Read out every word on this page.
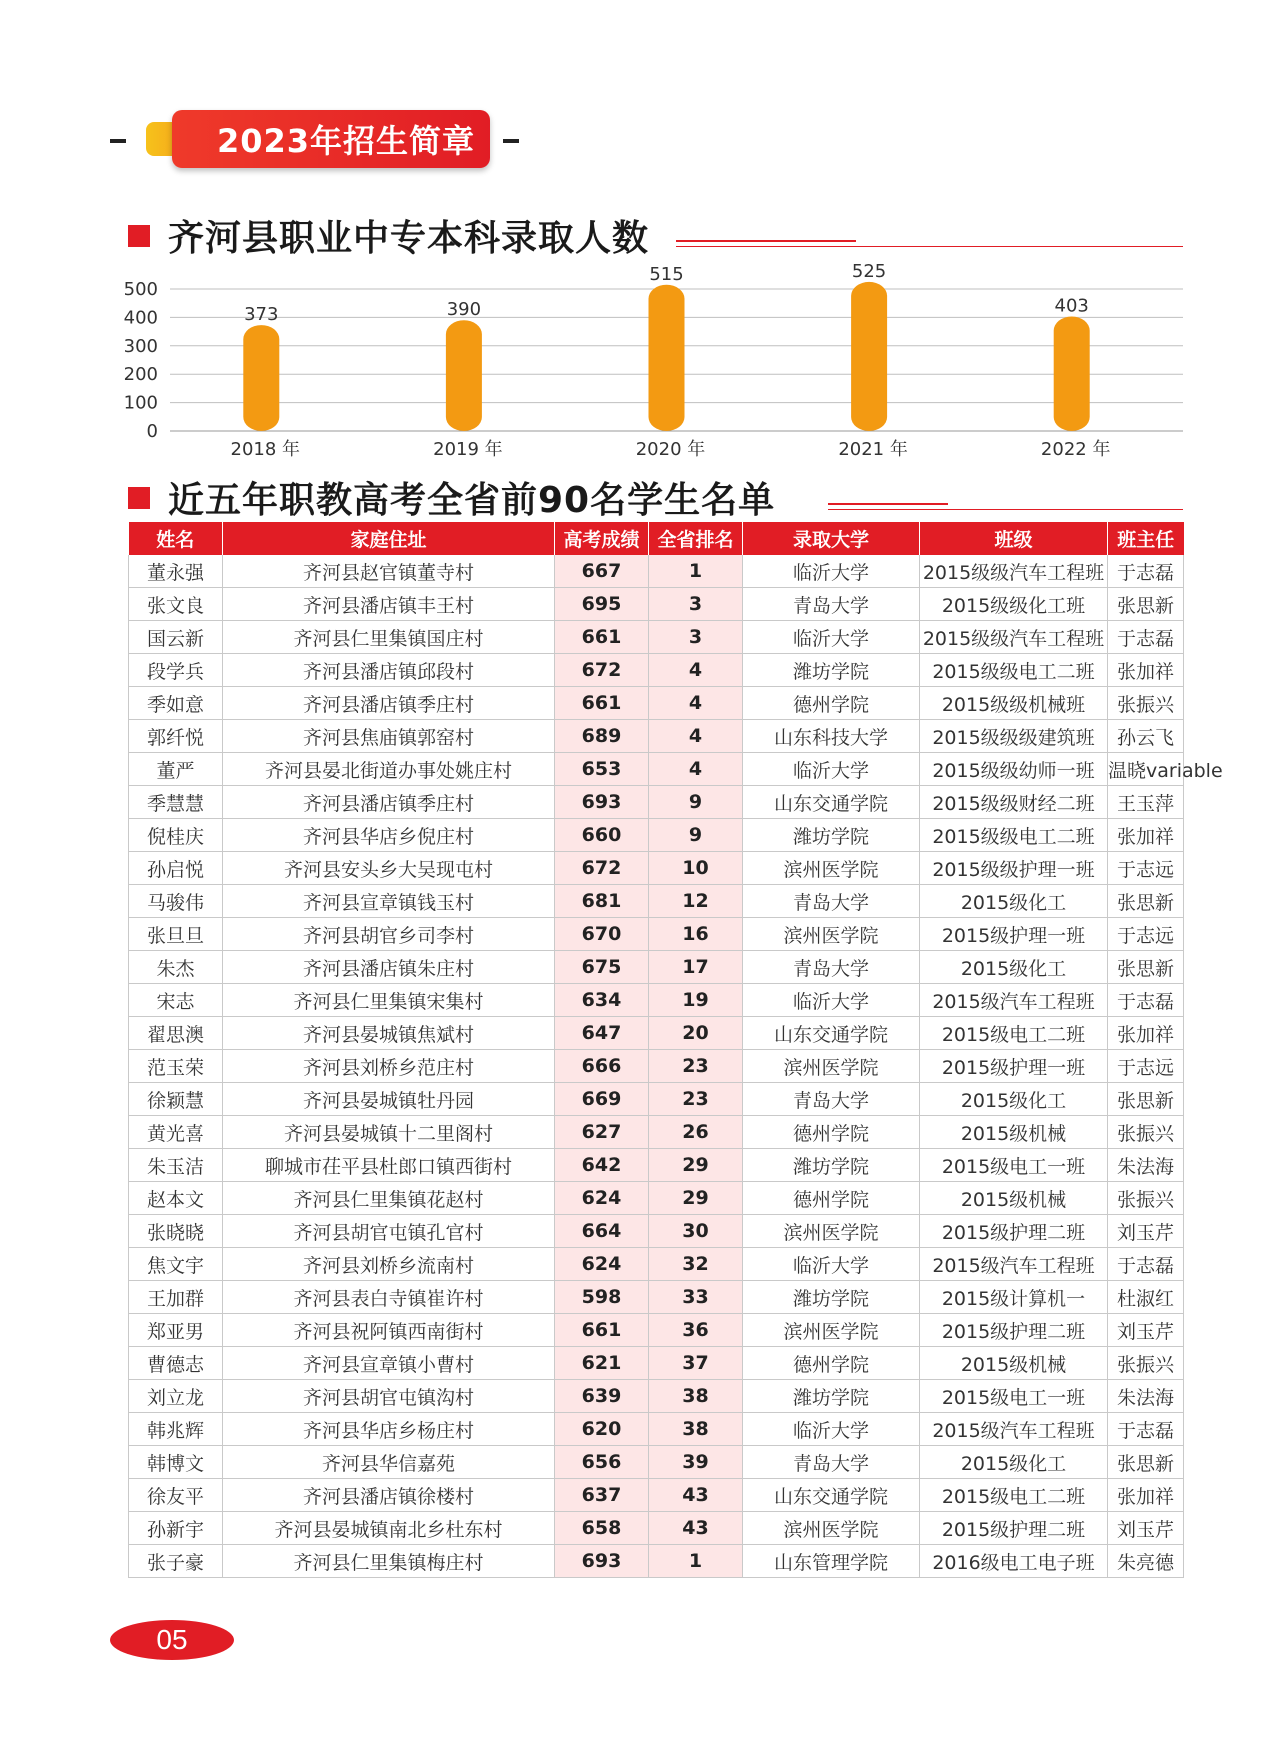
2023年招生简章
齐河县职业中专本科录取人数
0
100
200
300
400
500
373
2018 年
390
2019 年
515
2020 年
525
2021 年
403
2022 年
近五年职教高考全省前90名学生名单
姓名	家庭住址	高考成绩	全省排名	录取大学	班级	班主任
董永强	齐河县赵官镇董寺村	667	1	临沂大学	2015级级汽车工程班	于志磊
张文良	齐河县潘店镇丰王村	695	3	青岛大学	2015级级化工班	张思新
国云新	齐河县仁里集镇国庄村	661	3	临沂大学	2015级级汽车工程班	于志磊
段学兵	齐河县潘店镇邱段村	672	4	潍坊学院	2015级级电工二班	张加祥
季如意	齐河县潘店镇季庄村	661	4	德州学院	2015级级机械班	张振兴
郭纤悦	齐河县焦庙镇郭窑村	689	4	山东科技大学	2015级级级建筑班	孙云飞
董严	齐河县晏北街道办事处姚庄村	653	4	临沂大学	2015级级幼师一班	温晓variable
季慧慧	齐河县潘店镇季庄村	693	9	山东交通学院	2015级级财经二班	王玉萍
倪桂庆	齐河县华店乡倪庄村	660	9	潍坊学院	2015级级电工二班	张加祥
孙启悦	齐河县安头乡大吴现屯村	672	10	滨州医学院	2015级级护理一班	于志远
马骏伟	齐河县宣章镇钱玉村	681	12	青岛大学	2015级化工	张思新
张旦旦	齐河县胡官乡司李村	670	16	滨州医学院	2015级护理一班	于志远
朱杰	齐河县潘店镇朱庄村	675	17	青岛大学	2015级化工	张思新
宋志	齐河县仁里集镇宋集村	634	19	临沂大学	2015级汽车工程班	于志磊
翟思澳	齐河县晏城镇焦斌村	647	20	山东交通学院	2015级电工二班	张加祥
范玉荣	齐河县刘桥乡范庄村	666	23	滨州医学院	2015级护理一班	于志远
徐颖慧	齐河县晏城镇牡丹园	669	23	青岛大学	2015级化工	张思新
黄光喜	齐河县晏城镇十二里阁村	627	26	德州学院	2015级机械	张振兴
朱玉洁	聊城市茌平县杜郎口镇西街村	642	29	潍坊学院	2015级电工一班	朱法海
赵本文	齐河县仁里集镇花赵村	624	29	德州学院	2015级机械	张振兴
张晓晓	齐河县胡官屯镇孔官村	664	30	滨州医学院	2015级护理二班	刘玉芹
焦文宇	齐河县刘桥乡流南村	624	32	临沂大学	2015级汽车工程班	于志磊
王加群	齐河县表白寺镇崔许村	598	33	潍坊学院	2015级计算机一	杜淑红
郑亚男	齐河县祝阿镇西南街村	661	36	滨州医学院	2015级护理二班	刘玉芹
曹德志	齐河县宣章镇小曹村	621	37	德州学院	2015级机械	张振兴
刘立龙	齐河县胡官屯镇沟村	639	38	潍坊学院	2015级电工一班	朱法海
韩兆辉	齐河县华店乡杨庄村	620	38	临沂大学	2015级汽车工程班	于志磊
韩博文	齐河县华信嘉苑	656	39	青岛大学	2015级化工	张思新
徐友平	齐河县潘店镇徐楼村	637	43	山东交通学院	2015级电工二班	张加祥
孙新宇	齐河县晏城镇南北乡杜东村	658	43	滨州医学院	2015级护理二班	刘玉芹
张子豪	齐河县仁里集镇梅庄村	693	1	山东管理学院	2016级电工电子班	朱亮德
05
